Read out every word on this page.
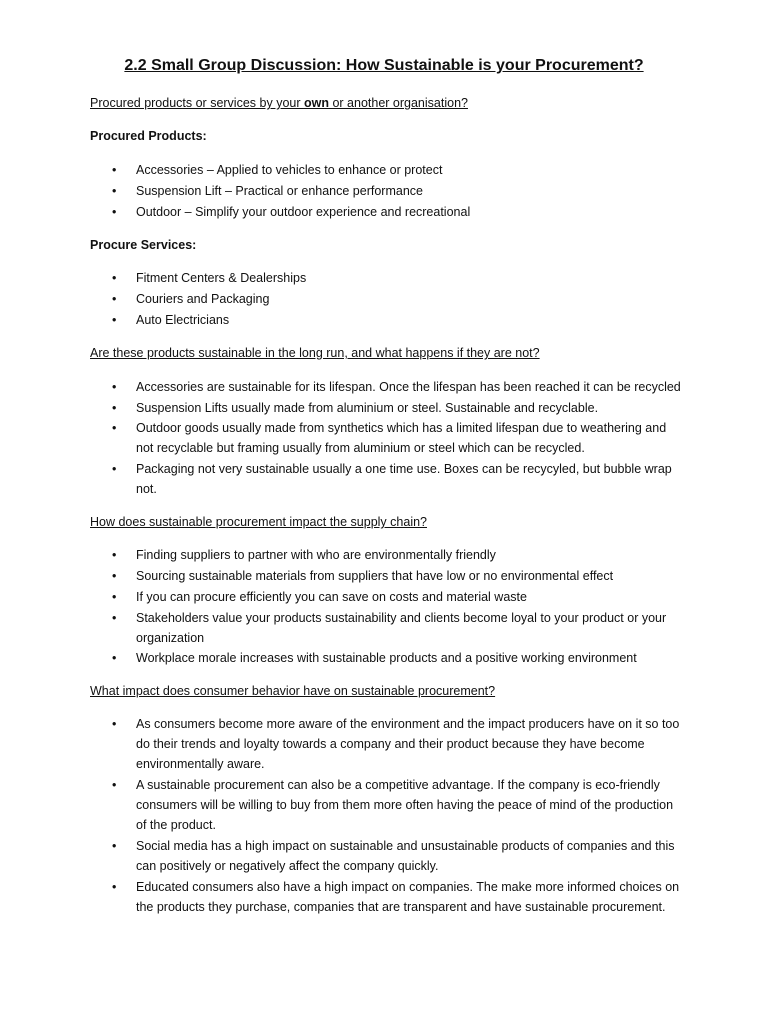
2.2 Small Group Discussion: How Sustainable is your Procurement?
Procured products or services by your own or another organisation?
Procured Products:
• Accessories – Applied to vehicles to enhance or protect
• Suspension Lift – Practical or enhance performance
• Outdoor – Simplify your outdoor experience and recreational
Procure Services:
• Fitment Centers & Dealerships
• Couriers and Packaging
• Auto Electricians
Are these products sustainable in the long run, and what happens if they are not?
• Accessories are sustainable for its lifespan. Once the lifespan has been reached it can be recycled
• Suspension Lifts usually made from aluminium or steel. Sustainable and recyclable.
• Outdoor goods usually made from synthetics which has a limited lifespan due to weathering and not recyclable but framing usually from aluminium or steel which can be recycled.
• Packaging not very sustainable usually a one time use. Boxes can be recycyled, but bubble wrap not.
How does sustainable procurement impact the supply chain?
• Finding suppliers to partner with who are environmentally friendly
• Sourcing sustainable materials from suppliers that have low or no environmental effect
• If you can procure efficiently you can save on costs and material waste
• Stakeholders value your products sustainability and clients become loyal to your product or your organization
• Workplace morale increases with sustainable products and a positive working environment
What impact does consumer behavior have on sustainable procurement?
• As consumers become more aware of the environment and the impact producers have on it so too do their trends and loyalty towards a company and their product because they have become environmentally aware.
• A sustainable procurement can also be a competitive advantage. If the company is eco-friendly consumers will be willing to buy from them more often having the peace of mind of the production of the product.
• Social media has a high impact on sustainable and unsustainable products of companies and this can positively or negatively affect the company quickly.
• Educated consumers also have a high impact on companies. The make more informed choices on the products they purchase, companies that are transparent and have sustainable procurement.
